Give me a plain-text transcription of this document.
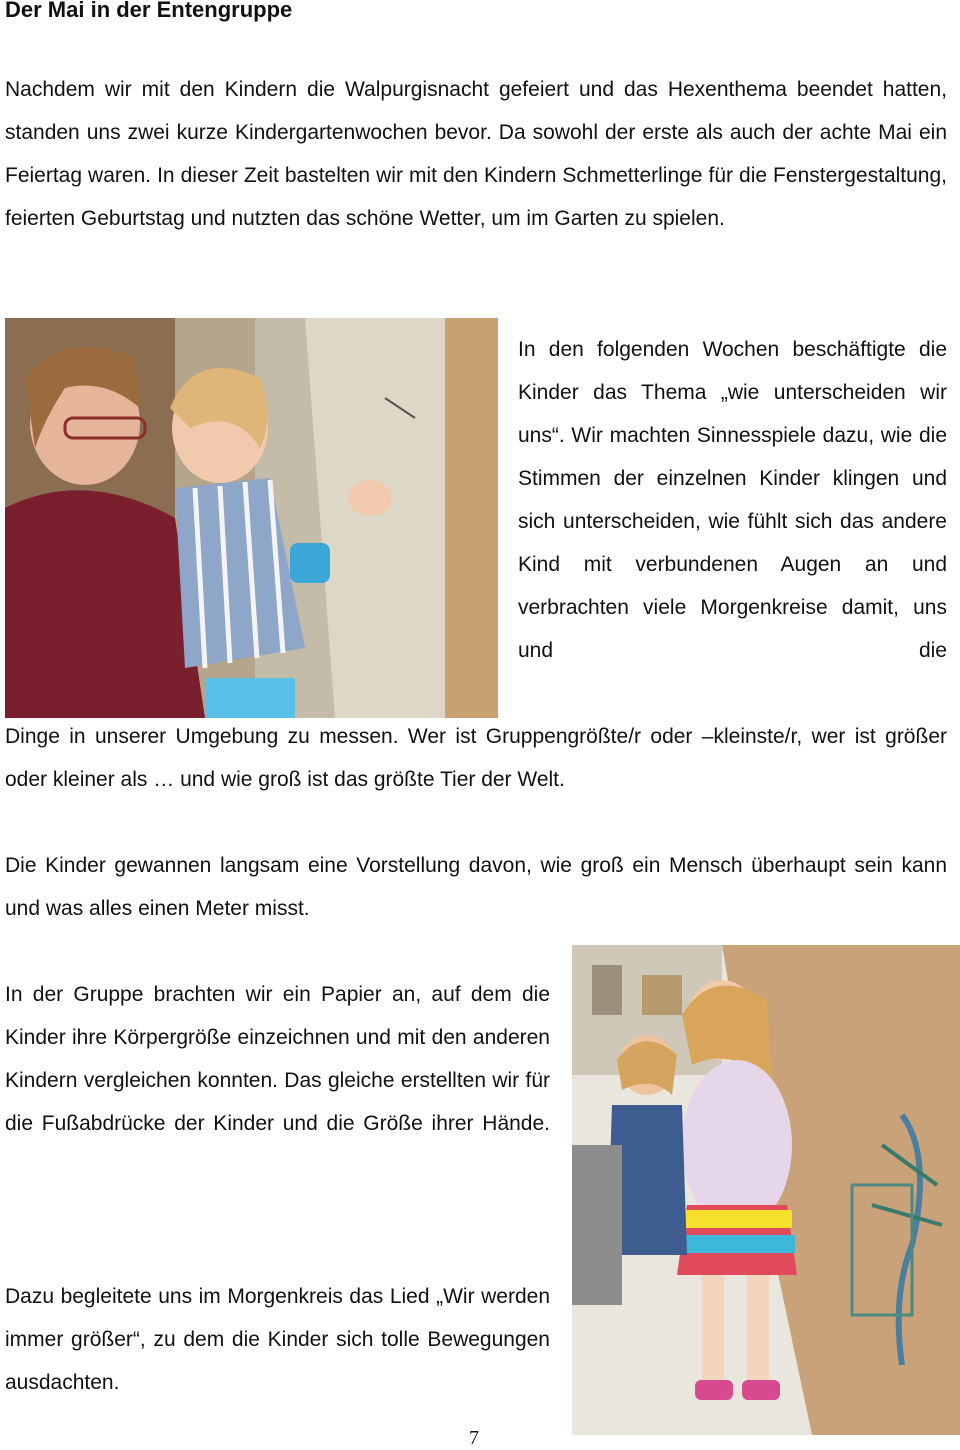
Der Mai in der Entengruppe

Nachdem wir mit den Kindern die Walpurgisnacht gefeiert und das Hexenthema beendet hatten, standen uns zwei kurze Kindergartenwochen bevor. Da sowohl der erste als auch der achte Mai ein Feiertag waren. In dieser Zeit bastelten wir mit den Kindern Schmetterlinge für die Fenstergestaltung, feierten Geburtstag und nutzten das schöne Wetter, um im Garten zu spielen.

In den folgenden Wochen beschäftigte die Kinder das Thema „wie unterscheiden wir uns“. Wir machten Sinnesspiele dazu, wie die Stimmen der einzelnen Kinder klingen und sich unterscheiden, wie fühlt sich das andere Kind mit verbundenen Augen an und verbrachten viele Morgenkreise damit, uns und die

Dinge in unserer Umgebung zu messen. Wer ist Gruppengrößte/r oder –kleinste/r, wer ist größer oder kleiner als … und wie groß ist das größte Tier der Welt.

Die Kinder gewannen langsam eine Vorstellung davon, wie groß ein Mensch überhaupt sein kann und was alles einen Meter misst.

In der Gruppe brachten wir ein Papier an, auf dem die Kinder ihre Körpergröße einzeichnen und mit den anderen Kindern vergleichen konnten. Das gleiche erstellten wir für die Fußabdrücke der Kinder und die Größe ihrer Hände.

Dazu begleitete uns im Morgenkreis das Lied „Wir werden immer größer“, zu dem die Kinder sich tolle Bewegungen ausdachten.

7
